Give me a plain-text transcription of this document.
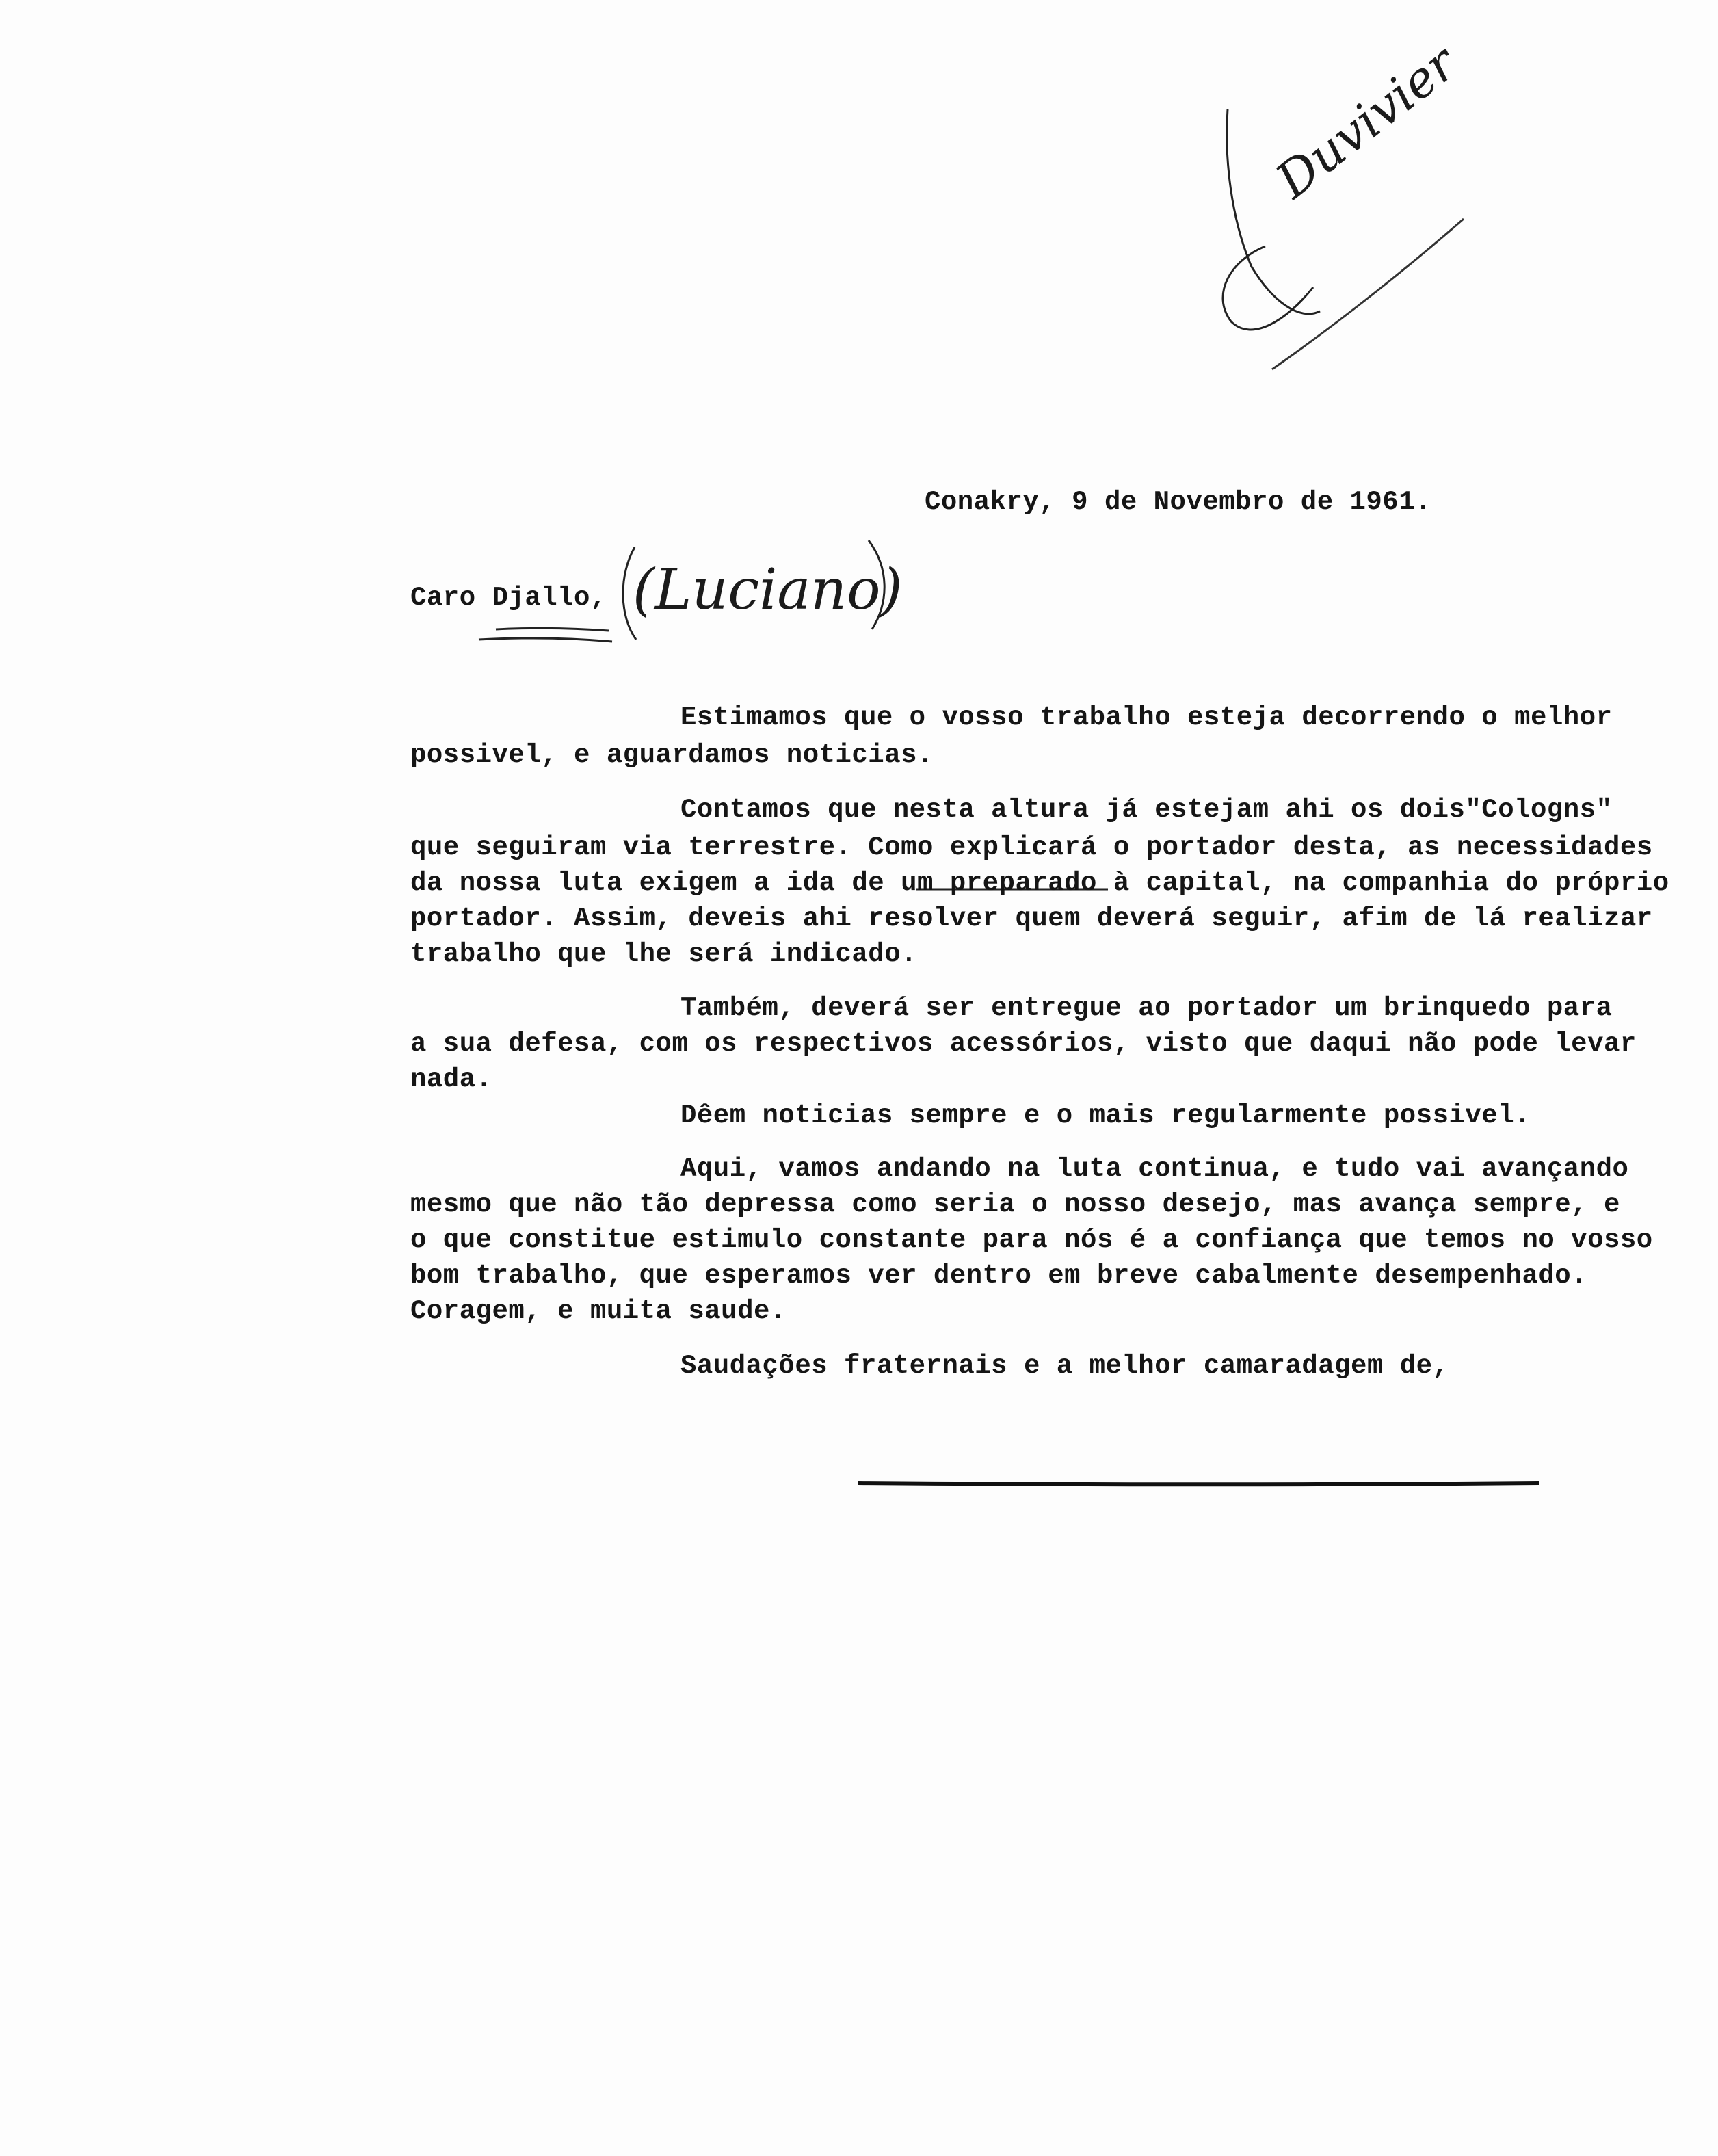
Duvivier
Conakry, 9 de Novembro de 1961.
Caro Djallo, (Luciano)
Estimamos que o vosso trabalho esteja decorrendo o melhor
possivel, e aguardamos noticias.
Contamos que nesta altura já estejam ahi os dois"Cologns"
que seguiram via terrestre. Como explicará o portador desta, as necessidades
da nossa luta exigem a ida de um preparado à capital, na companhia do próprio
portador. Assim, deveis ahi resolver quem deverá seguir, afim de lá realizar
trabalho que lhe será indicado.
Também, deverá ser entregue ao portador um brinquedo para
a sua defesa, com os respectivos acessórios, visto que daqui não pode levar
nada.
Dêem noticias sempre e o mais regularmente possivel.
Aqui, vamos andando na luta continua, e tudo vai avançando
mesmo que não tão depressa como seria o nosso desejo, mas avança sempre, e
o que constitue estimulo constante para nós é a confiança que temos no vosso
bom trabalho, que esperamos ver dentro em breve cabalmente desempenhado.
Coragem, e muita saude.
Saudações fraternais e a melhor camaradagem de,
